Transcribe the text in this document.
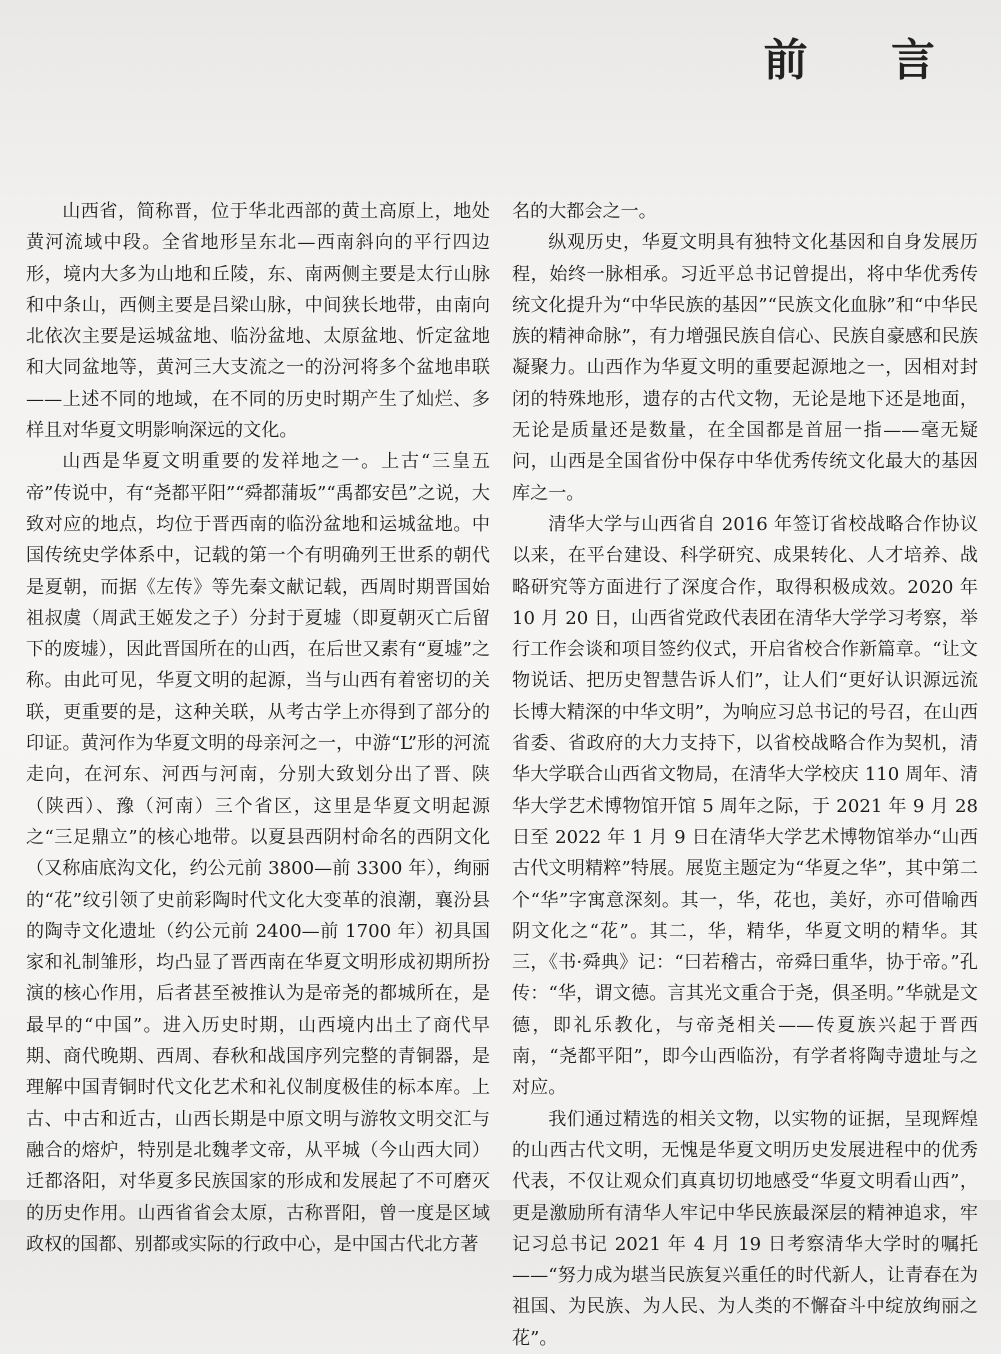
前 言

山西省，简称晋，位于华北西部的黄土高原上，地处黄河流域中段。全省地形呈东北—西南斜向的平行四边形，境内大多为山地和丘陵，东、南两侧主要是太行山脉和中条山，西侧主要是吕梁山脉，中间狭长地带，由南向北依次主要是运城盆地、临汾盆地、太原盆地、忻定盆地和大同盆地等，黄河三大支流之一的汾河将多个盆地串联——上述不同的地域，在不同的历史时期产生了灿烂、多样且对华夏文明影响深远的文化。

山西是华夏文明重要的发祥地之一。上古“三皇五帝”传说中，有“尧都平阳”“舜都蒲坂”“禹都安邑”之说，大致对应的地点，均位于晋西南的临汾盆地和运城盆地。中国传统史学体系中，记载的第一个有明确列王世系的朝代是夏朝，而据《左传》等先秦文献记载，西周时期晋国始祖叔虞（周武王姬发之子）分封于夏墟（即夏朝灭亡后留下的废墟），因此晋国所在的山西，在后世又素有“夏墟”之称。由此可见，华夏文明的起源，当与山西有着密切的关联，更重要的是，这种关联，从考古学上亦得到了部分的印证。黄河作为华夏文明的母亲河之一，中游“L”形的河流走向，在河东、河西与河南，分别大致划分出了晋、陕（陕西）、豫（河南）三个省区，这里是华夏文明起源之“三足鼎立”的核心地带。以夏县西阴村命名的西阴文化（又称庙底沟文化，约公元前 3800—前 3300 年），绚丽的“花”纹引领了史前彩陶时代文化大变革的浪潮，襄汾县的陶寺文化遗址（约公元前 2400—前 1700 年）初具国家和礼制雏形，均凸显了晋西南在华夏文明形成初期所扮演的核心作用，后者甚至被推认为是帝尧的都城所在，是最早的“中国”。进入历史时期，山西境内出土了商代早期、商代晚期、西周、春秋和战国序列完整的青铜器，是理解中国青铜时代文化艺术和礼仪制度极佳的标本库。上古、中古和近古，山西长期是中原文明与游牧文明交汇与融合的熔炉，特别是北魏孝文帝，从平城（今山西大同）迁都洛阳，对华夏多民族国家的形成和发展起了不可磨灭的历史作用。山西省省会太原，古称晋阳，曾一度是区域政权的国都、别都或实际的行政中心，是中国古代北方著

名的大都会之一。

纵观历史，华夏文明具有独特文化基因和自身发展历程，始终一脉相承。习近平总书记曾提出，将中华优秀传统文化提升为“中华民族的基因”“民族文化血脉”和“中华民族的精神命脉”，有力增强民族自信心、民族自豪感和民族凝聚力。山西作为华夏文明的重要起源地之一，因相对封闭的特殊地形，遗存的古代文物，无论是地下还是地面，无论是质量还是数量，在全国都是首屈一指——毫无疑问，山西是全国省份中保存中华优秀传统文化最大的基因库之一。

清华大学与山西省自 2016 年签订省校战略合作协议以来，在平台建设、科学研究、成果转化、人才培养、战略研究等方面进行了深度合作，取得积极成效。2020 年 10 月 20 日，山西省党政代表团在清华大学学习考察，举行工作会谈和项目签约仪式，开启省校合作新篇章。“让文物说话、把历史智慧告诉人们”，让人们“更好认识源远流长博大精深的中华文明”，为响应习总书记的号召，在山西省委、省政府的大力支持下，以省校战略合作为契机，清华大学联合山西省文物局，在清华大学校庆 110 周年、清华大学艺术博物馆开馆 5 周年之际，于 2021 年 9 月 28 日至 2022 年 1 月 9 日在清华大学艺术博物馆举办“山西古代文明精粹”特展。展览主题定为“华夏之华”，其中第二个“华”字寓意深刻。其一，华，花也，美好，亦可借喻西阴文化之“花”。其二，华，精华，华夏文明的精华。其三，《书·舜典》记：“曰若稽古，帝舜曰重华，协于帝。”孔传：“华，谓文德。言其光文重合于尧，俱圣明。”华就是文德，即礼乐教化，与帝尧相关——传夏族兴起于晋西南，“尧都平阳”，即今山西临汾，有学者将陶寺遗址与之对应。

我们通过精选的相关文物，以实物的证据，呈现辉煌的山西古代文明，无愧是华夏文明历史发展进程中的优秀代表，不仅让观众们真真切切地感受“华夏文明看山西”，更是激励所有清华人牢记中华民族最深层的精神追求，牢记习总书记 2021 年 4 月 19 日考察清华大学时的嘱托——“努力成为堪当民族复兴重任的时代新人，让青春在为祖国、为民族、为人民、为人类的不懈奋斗中绽放绚丽之花”。
